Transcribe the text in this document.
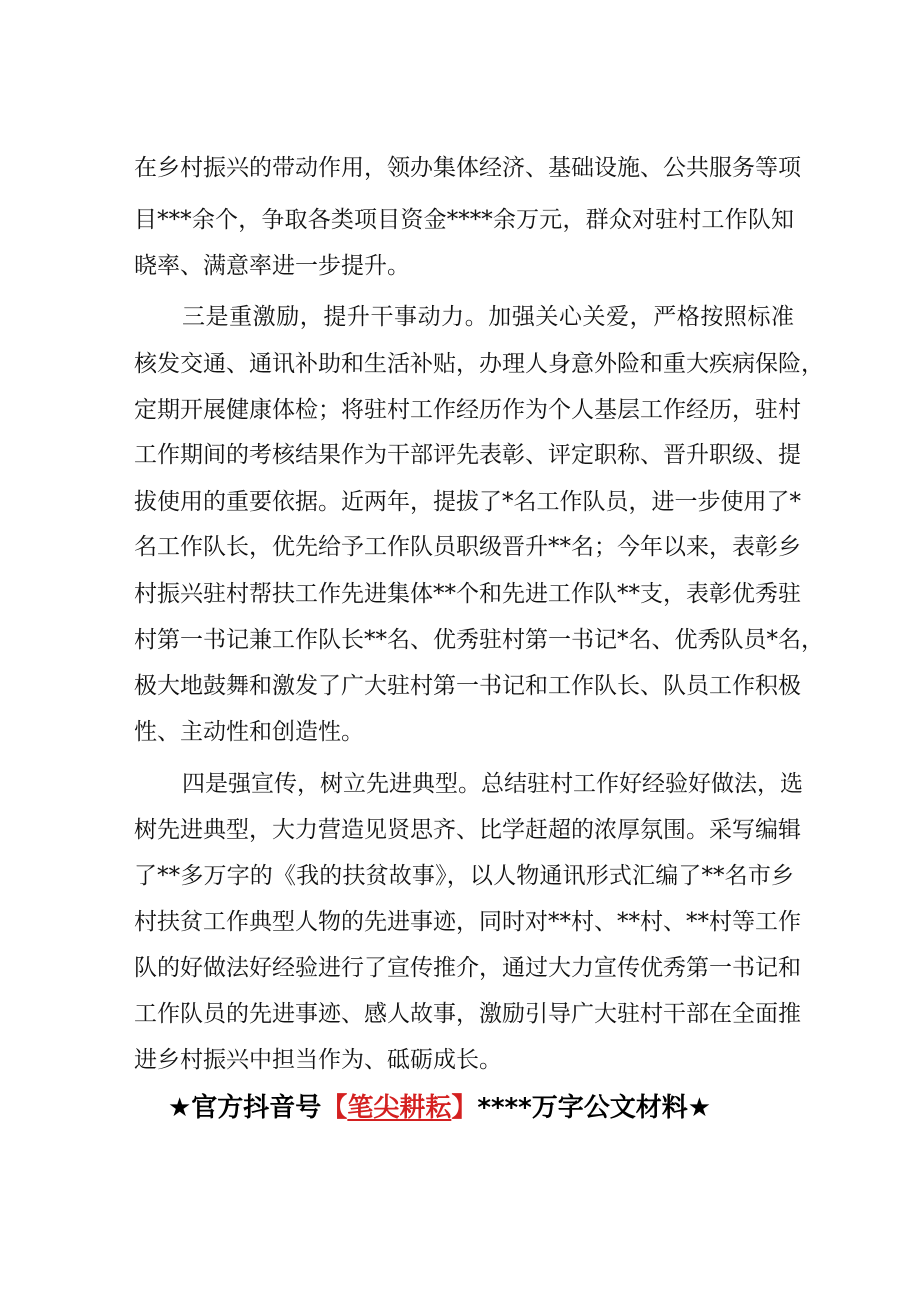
在乡村振兴的带动作用，领办集体经济、基础设施、公共服务等项
目***余个，争取各类项目资金****余万元，群众对驻村工作队知
晓率、满意率进一步提升。
三是重激励，提升干事动力。加强关心关爱，严格按照标准
核发交通、通讯补助和生活补贴，办理人身意外险和重大疾病保险，
定期开展健康体检；将驻村工作经历作为个人基层工作经历，驻村
工作期间的考核结果作为干部评先表彰、评定职称、晋升职级、提
拔使用的重要依据。近两年，提拔了*名工作队员，进一步使用了*
名工作队长，优先给予工作队员职级晋升**名；今年以来，表彰乡
村振兴驻村帮扶工作先进集体**个和先进工作队**支，表彰优秀驻
村第一书记兼工作队长**名、优秀驻村第一书记*名、优秀队员*名，
极大地鼓舞和激发了广大驻村第一书记和工作队长、队员工作积极
性、主动性和创造性。
四是强宣传，树立先进典型。总结驻村工作好经验好做法，选
树先进典型，大力营造见贤思齐、比学赶超的浓厚氛围。采写编辑
了**多万字的《我的扶贫故事》，以人物通讯形式汇编了**名市乡
村扶贫工作典型人物的先进事迹，同时对**村、**村、**村等工作
队的好做法好经验进行了宣传推介，通过大力宣传优秀第一书记和
工作队员的先进事迹、感人故事，激励引导广大驻村干部在全面推
进乡村振兴中担当作为、砥砺成长。
★官方抖音号【笔尖耕耘】****万字公文材料★
